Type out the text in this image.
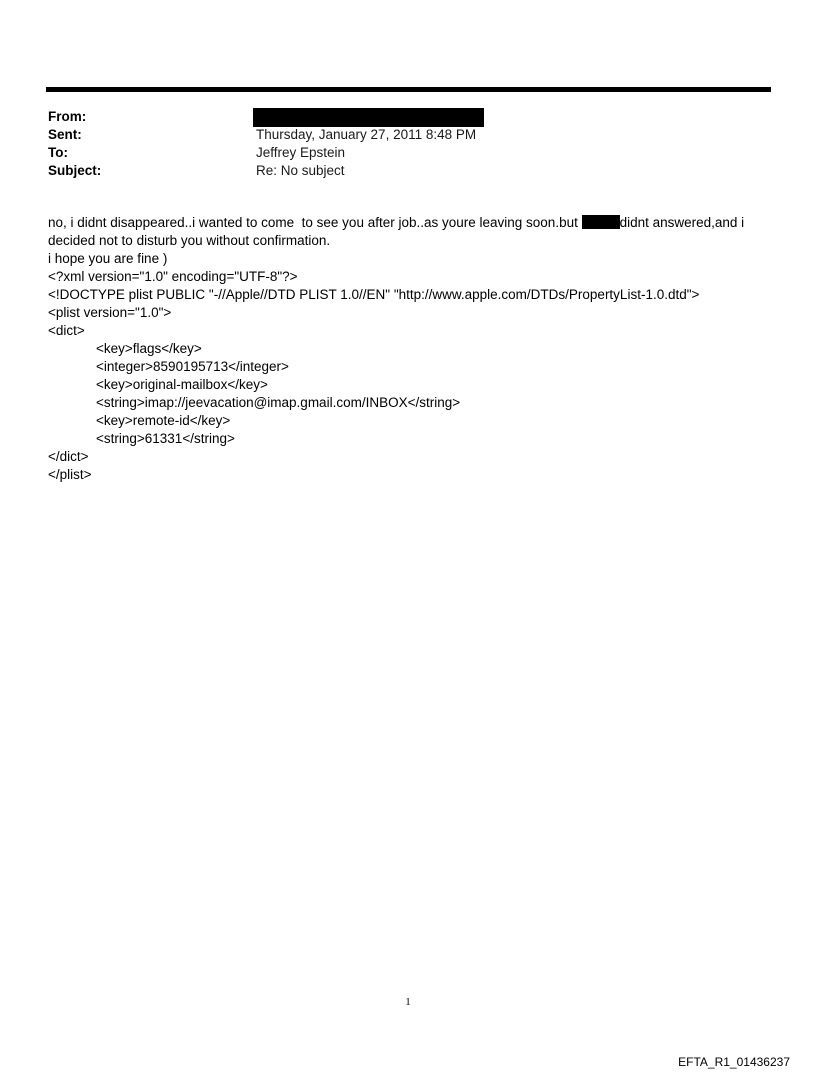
From:
Sent:	Thursday, January 27, 2011 8:48 PM
To:	Jeffrey Epstein
Subject:	Re: No subject
no, i didnt disappeared..i wanted to come  to see you after job..as youre leaving soon.but	didnt answered,and i
decided not to disturb you without confirmation.
i hope you are fine )
<?xml version="1.0" encoding="UTF-8"?>
<!DOCTYPE plist PUBLIC "-//Apple//DTD PLIST 1.0//EN" "http://www.apple.com/DTDs/PropertyList-1.0.dtd">
<plist version="1.0">
<dict>
<key>flags</key>
<integer>8590195713</integer>
<key>original-mailbox</key>
<string>imap://jeevacation@imap.gmail.com/INBOX</string>
<key>remote-id</key>
<string>61331</string>
</dict>
</plist>
1
EFTA_R1_01436237
